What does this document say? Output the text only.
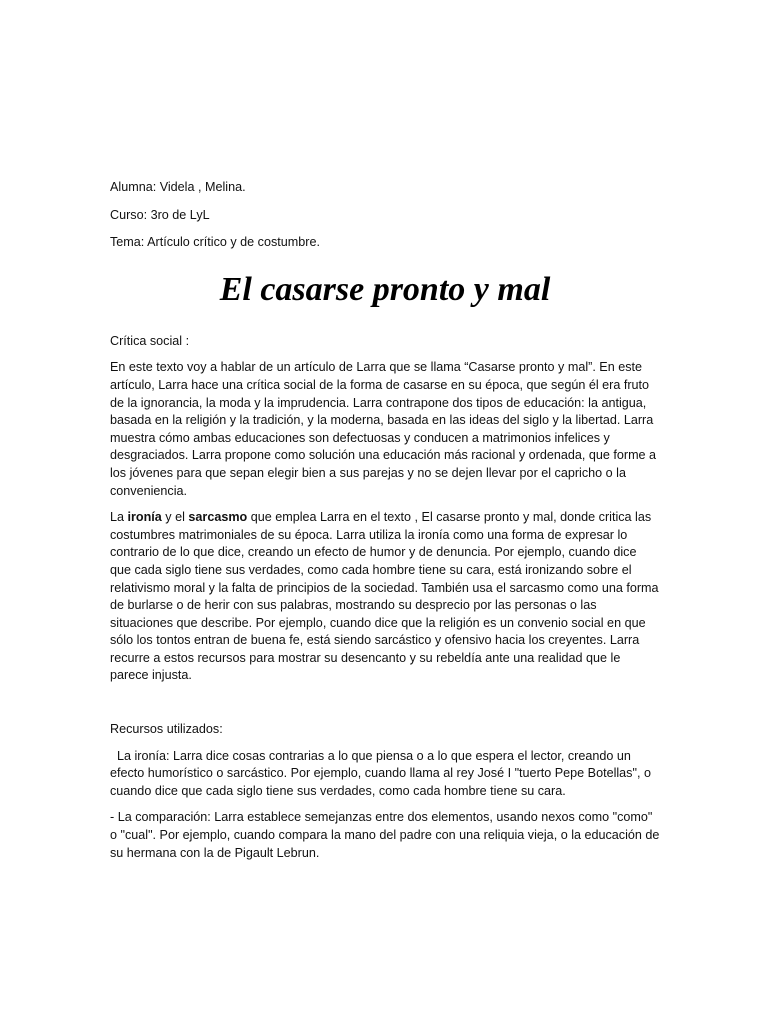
Alumna: Videla , Melina.

Curso: 3ro de LyL

Tema: Artículo crítico y de costumbre.

El casarse pronto y mal

Crítica social :

En este texto voy a hablar de un artículo de Larra que se llama “Casarse pronto y mal”. En este artículo, Larra hace una crítica social de la forma de casarse en su época, que según él era fruto de la ignorancia, la moda y la imprudencia. Larra contrapone dos tipos de educación: la antigua, basada en la religión y la tradición, y la moderna, basada en las ideas del siglo y la libertad. Larra muestra cómo ambas educaciones son defectuosas y conducen a matrimonios infelices y desgraciados. Larra propone como solución una educación más racional y ordenada, que forme a los jóvenes para que sepan elegir bien a sus parejas y no se dejen llevar por el capricho o la conveniencia.

La ironía y el sarcasmo que emplea Larra en el texto , El casarse pronto y mal, donde critica las costumbres matrimoniales de su época. Larra utiliza la ironía como una forma de expresar lo contrario de lo que dice, creando un efecto de humor y de denuncia. Por ejemplo, cuando dice que cada siglo tiene sus verdades, como cada hombre tiene su cara, está ironizando sobre el relativismo moral y la falta de principios de la sociedad. También usa el sarcasmo como una forma de burlarse o de herir con sus palabras, mostrando su desprecio por las personas o las situaciones que describe. Por ejemplo, cuando dice que la religión es un convenio social en que sólo los tontos entran de buena fe, está siendo sarcástico y ofensivo hacia los creyentes. Larra recurre a estos recursos para mostrar su desencanto y su rebeldía ante una realidad que le parece injusta.

Recursos utilizados:

La ironía: Larra dice cosas contrarias a lo que piensa o a lo que espera el lector, creando un efecto humorístico o sarcástico. Por ejemplo, cuando llama al rey José I "tuerto Pepe Botellas", o cuando dice que cada siglo tiene sus verdades, como cada hombre tiene su cara.

- La comparación: Larra establece semejanzas entre dos elementos, usando nexos como "como" o "cual". Por ejemplo, cuando compara la mano del padre con una reliquia vieja, o la educación de su hermana con la de Pigault Lebrun.
